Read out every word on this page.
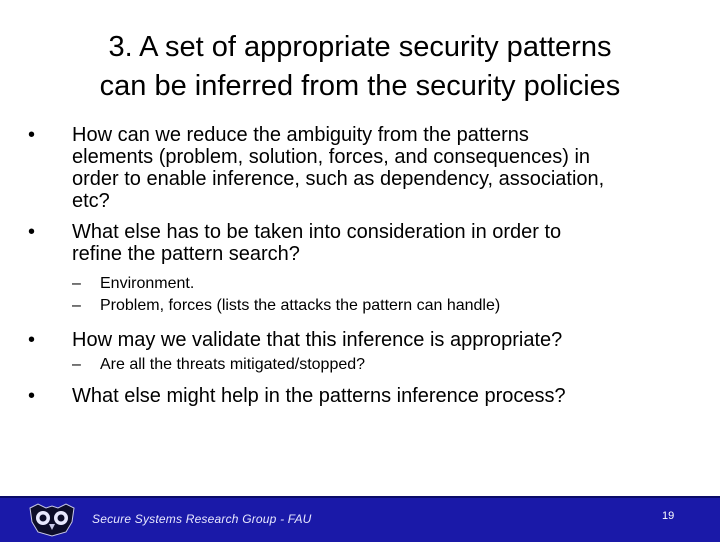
3. A set of appropriate security patterns
can be inferred from the security policies
•	How can we reduce the ambiguity from the patterns
elements (problem, solution, forces, and consequences) in
order to enable inference, such as dependency, association,
etc?
•	What else has to be taken into consideration in order to
refine the pattern search?
– Environment.
– Problem, forces (lists the attacks the pattern can handle)
•	How may we validate that this inference is appropriate?
– Are all the threats mitigated/stopped?
•	What else might help in the patterns inference process?
Secure Systems Research Group - FAU	19
